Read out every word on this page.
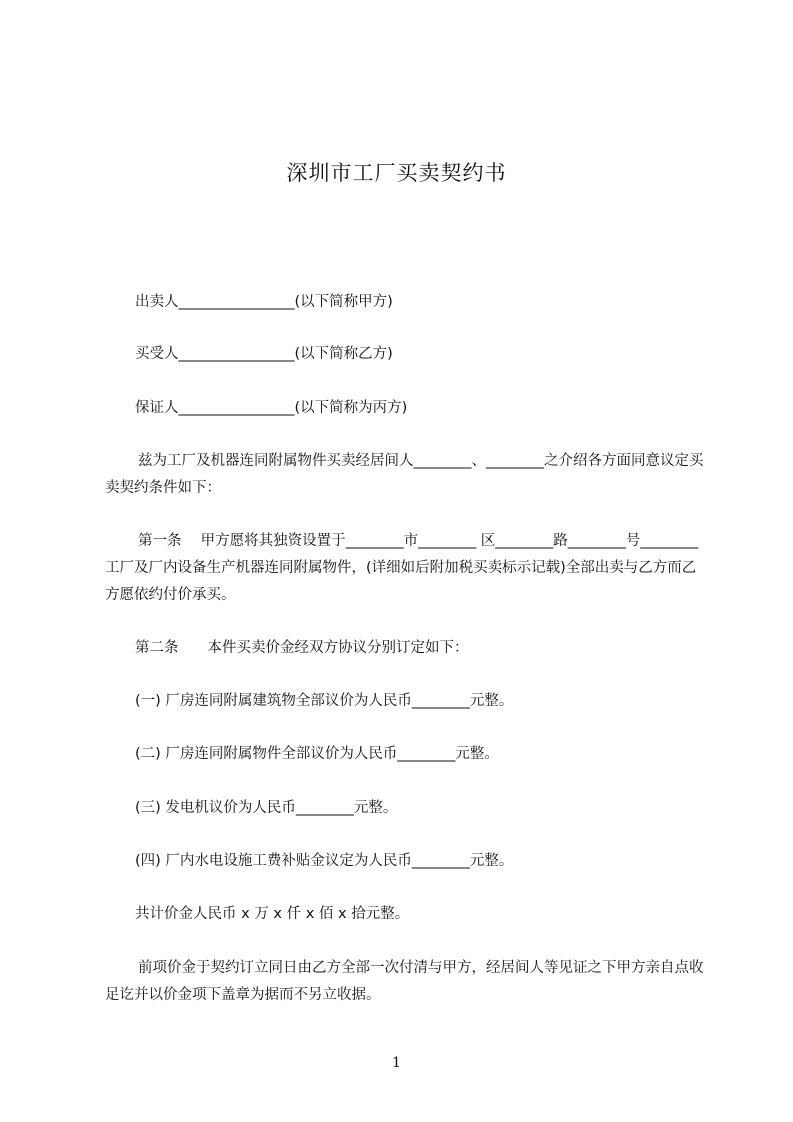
深圳市工厂买卖契约书

出卖人________________(以下简称甲方)

买受人________________(以下简称乙方)

保证人________________(以下简称为丙方)

兹为工厂及机器连同附属物件买卖经居间人________、________之介绍各方面同意议定买卖契约条件如下：

第一条　 甲方愿将其独资设置于________市________ 区________路________号________工厂及厂内设备生产机器连同附属物件，(详细如后附加税买卖标示记载)全部出卖与乙方而乙方愿依约付价承买。

第二条　　本件买卖价金经双方协议分别订定如下：

(一) 厂房连同附属建筑物全部议价为人民币________元整。

(二) 厂房连同附属物件全部议价为人民币________元整。

(三) 发电机议价为人民币________元整。

(四) 厂内水电设施工费补贴金议定为人民币________元整。

共计价金人民币 x 万 x 仟 x 佰 x 拾元整。

前项价金于契约订立同日由乙方全部一次付清与甲方，经居间人等见证之下甲方亲自点收足讫并以价金项下盖章为据而不另立收据。

1
